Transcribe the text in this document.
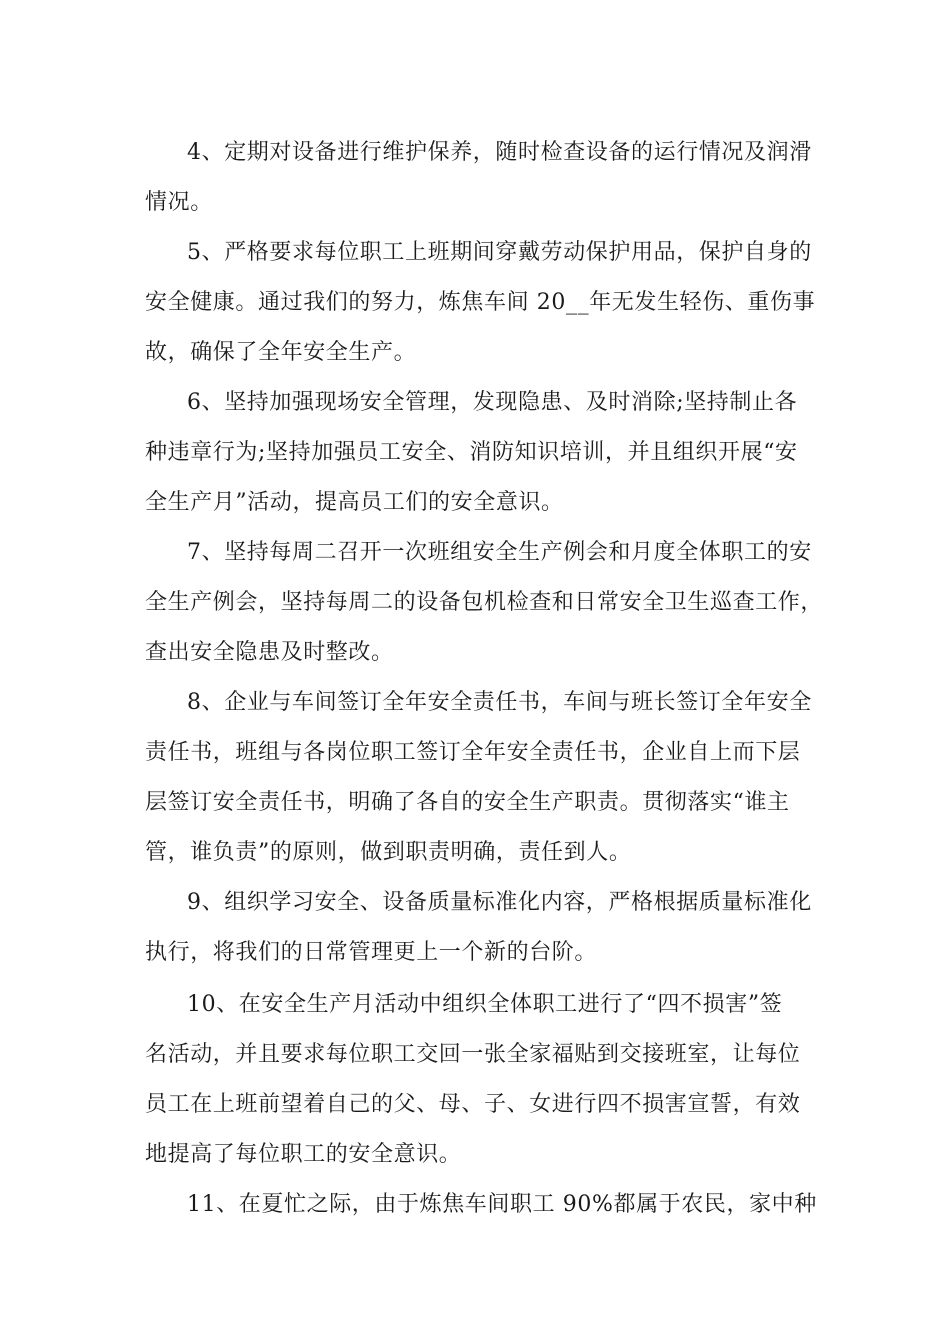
4、定期对设备进行维护保养，随时检查设备的运行情况及润滑
情况。
5、严格要求每位职工上班期间穿戴劳动保护用品，保护自身的
安全健康。通过我们的努力，炼焦车间 20__年无发生轻伤、重伤事
故，确保了全年安全生产。
6、坚持加强现场安全管理，发现隐患、及时消除;坚持制止各
种违章行为;坚持加强员工安全、消防知识培训，并且组织开展“安
全生产月”活动，提高员工们的安全意识。
7、坚持每周二召开一次班组安全生产例会和月度全体职工的安
全生产例会，坚持每周二的设备包机检查和日常安全卫生巡查工作，
查出安全隐患及时整改。
8、企业与车间签订全年安全责任书，车间与班长签订全年安全
责任书，班组与各岗位职工签订全年安全责任书，企业自上而下层
层签订安全责任书，明确了各自的安全生产职责。贯彻落实“谁主
管，谁负责”的原则，做到职责明确，责任到人。
9、组织学习安全、设备质量标准化内容，严格根据质量标准化
执行，将我们的日常管理更上一个新的台阶。
10、在安全生产月活动中组织全体职工进行了“四不损害”签
名活动，并且要求每位职工交回一张全家福贴到交接班室，让每位
员工在上班前望着自己的父、母、子、女进行四不损害宣誓，有效
地提高了每位职工的安全意识。
11、在夏忙之际，由于炼焦车间职工 90%都属于农民，家中种
